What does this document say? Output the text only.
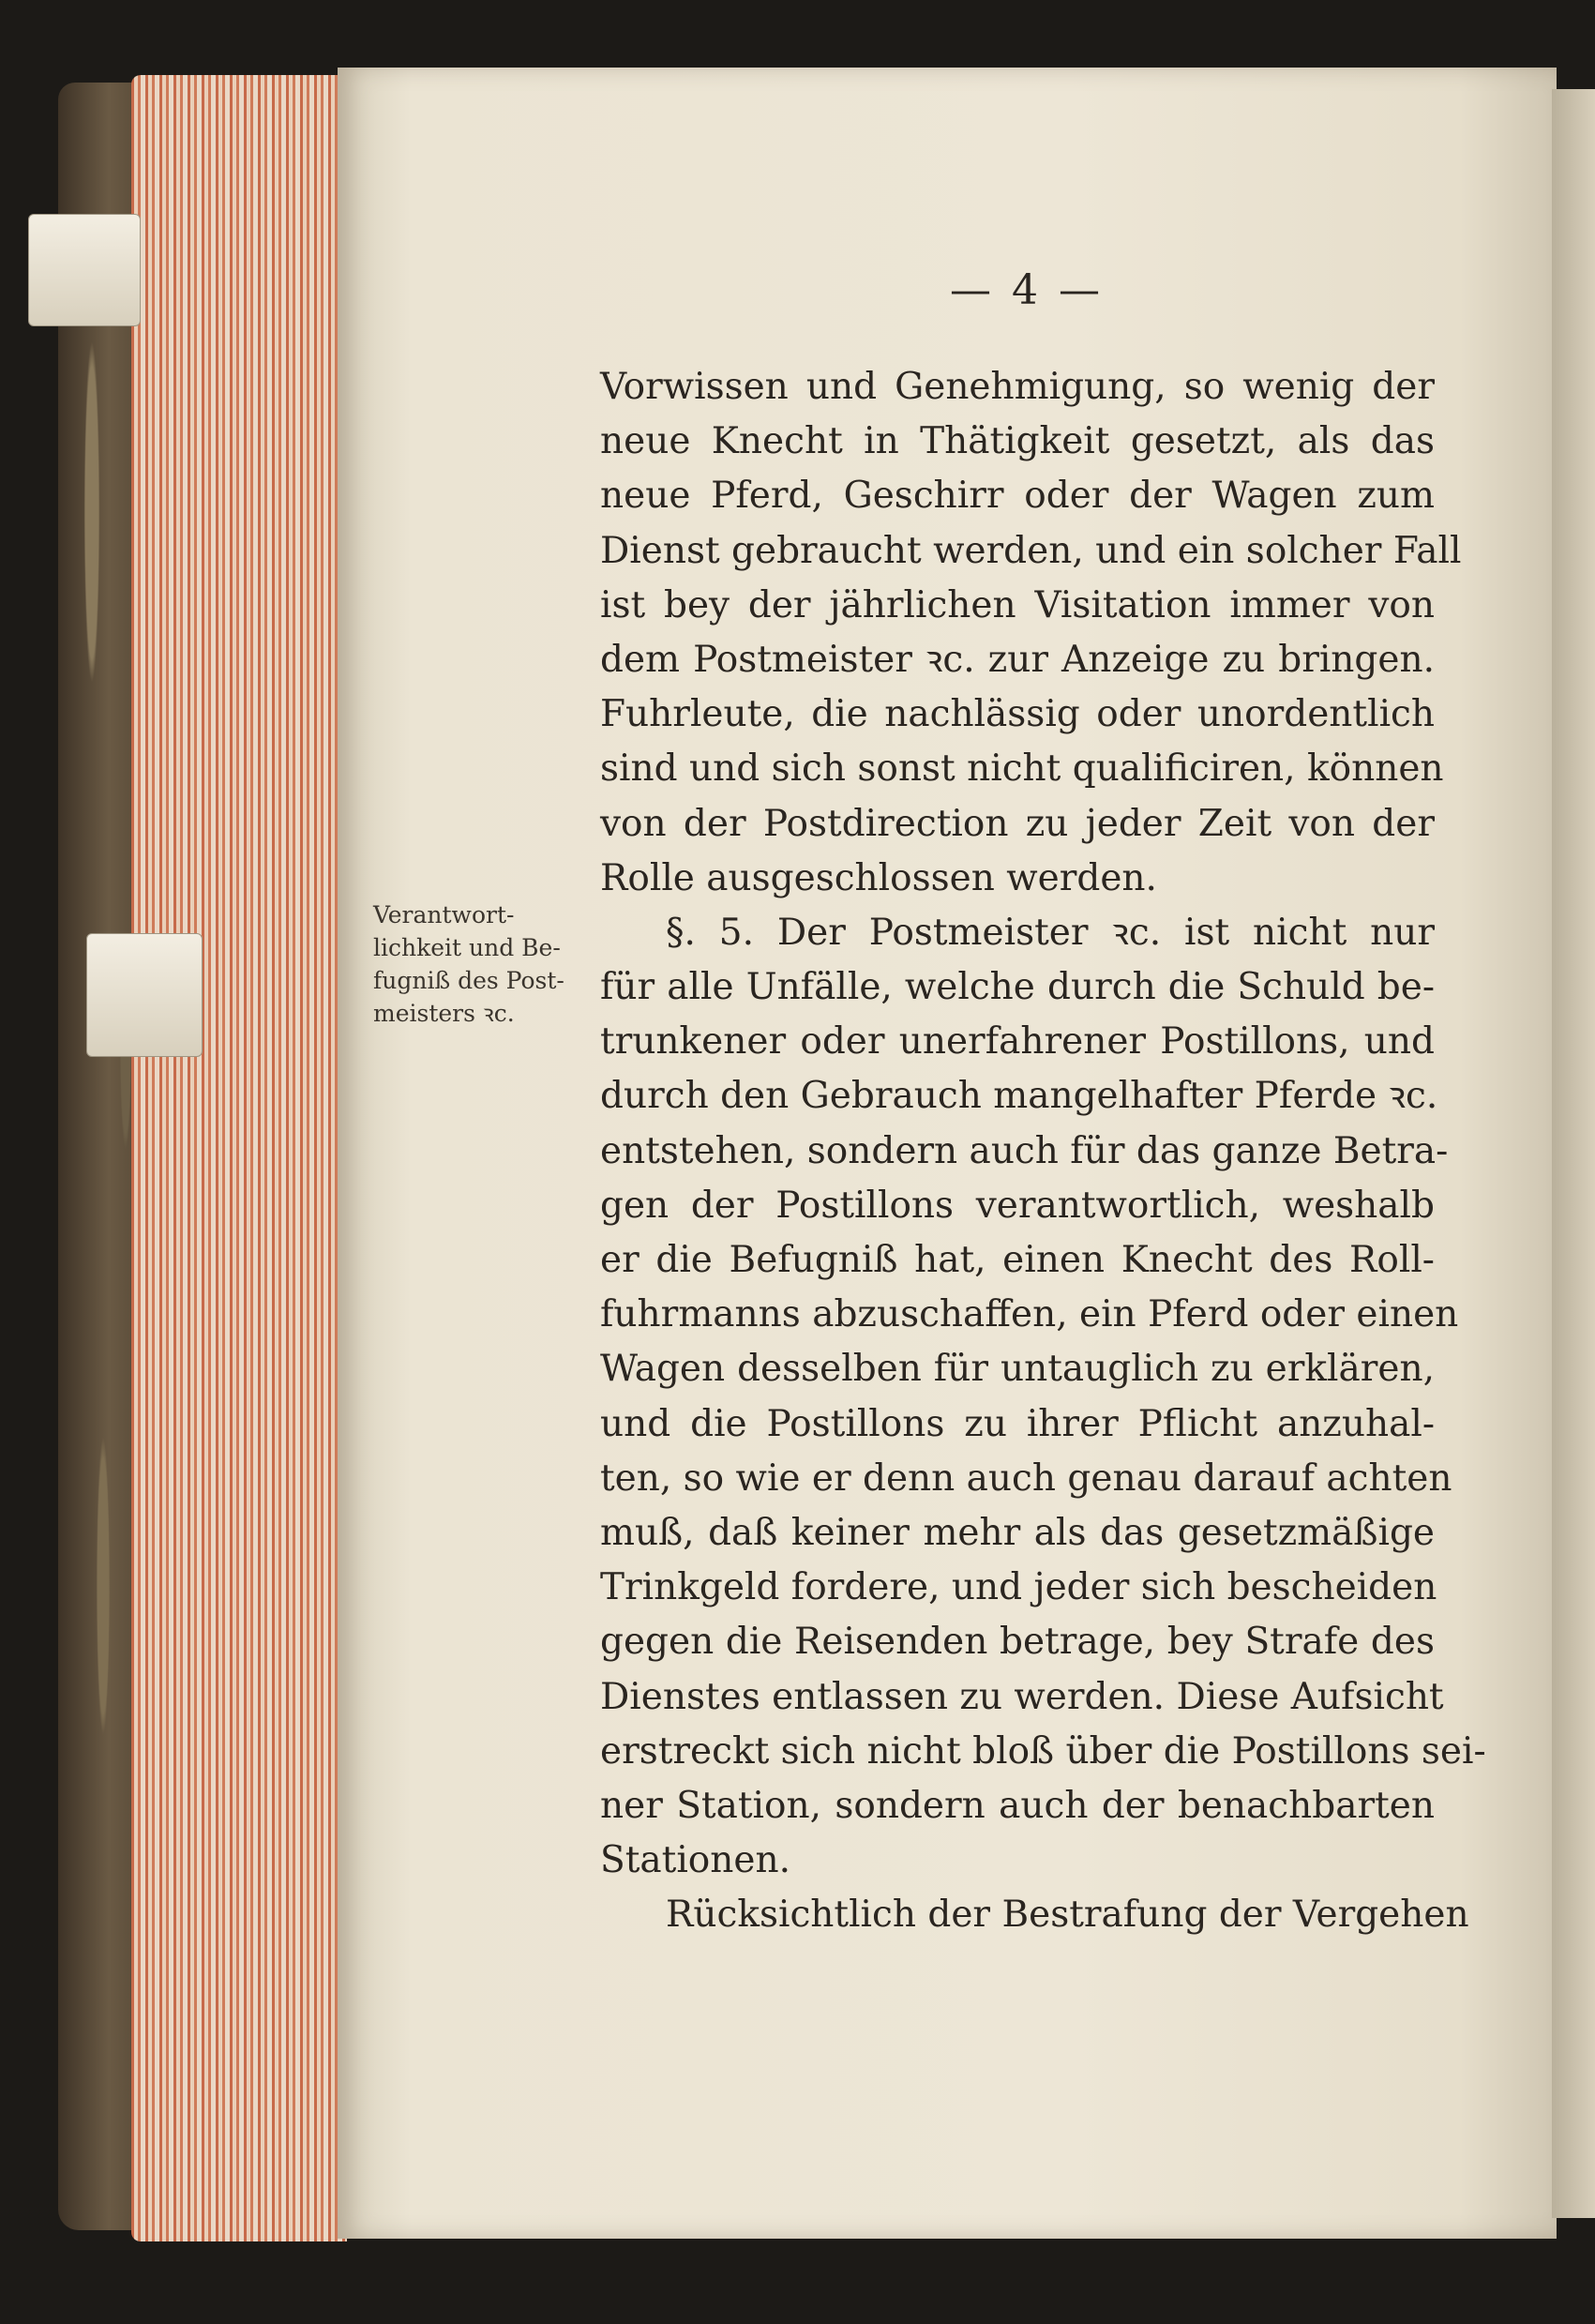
— 4 —
Verantwort-
lichkeit und Be-
fugniß des Post-
meisters ꝛc.
Vorwissen und Genehmigung, so wenig der
neue Knecht in Thätigkeit gesetzt, als das
neue Pferd, Geschirr oder der Wagen zum
Dienst gebraucht werden, und ein solcher Fall
ist bey der jährlichen Visitation immer von
dem Postmeister ꝛc. zur Anzeige zu bringen.
Fuhrleute, die nachlässig oder unordentlich
sind und sich sonst nicht qualificiren, können
von der Postdirection zu jeder Zeit von der
Rolle ausgeschlossen werden.
§. 5. Der Postmeister ꝛc. ist nicht nur
für alle Unfälle, welche durch die Schuld be-
trunkener oder unerfahrener Postillons, und
durch den Gebrauch mangelhafter Pferde ꝛc.
entstehen, sondern auch für das ganze Betra-
gen der Postillons verantwortlich, weshalb
er die Befugniß hat, einen Knecht des Roll-
fuhrmanns abzuschaffen, ein Pferd oder einen
Wagen desselben für untauglich zu erklären,
und die Postillons zu ihrer Pflicht anzuhal-
ten, so wie er denn auch genau darauf achten
muß, daß keiner mehr als das gesetzmäßige
Trinkgeld fordere, und jeder sich bescheiden
gegen die Reisenden betrage, bey Strafe des
Dienstes entlassen zu werden. Diese Aufsicht
erstreckt sich nicht bloß über die Postillons sei-
ner Station, sondern auch der benachbarten
Stationen.
Rücksichtlich der Bestrafung der Vergehen
